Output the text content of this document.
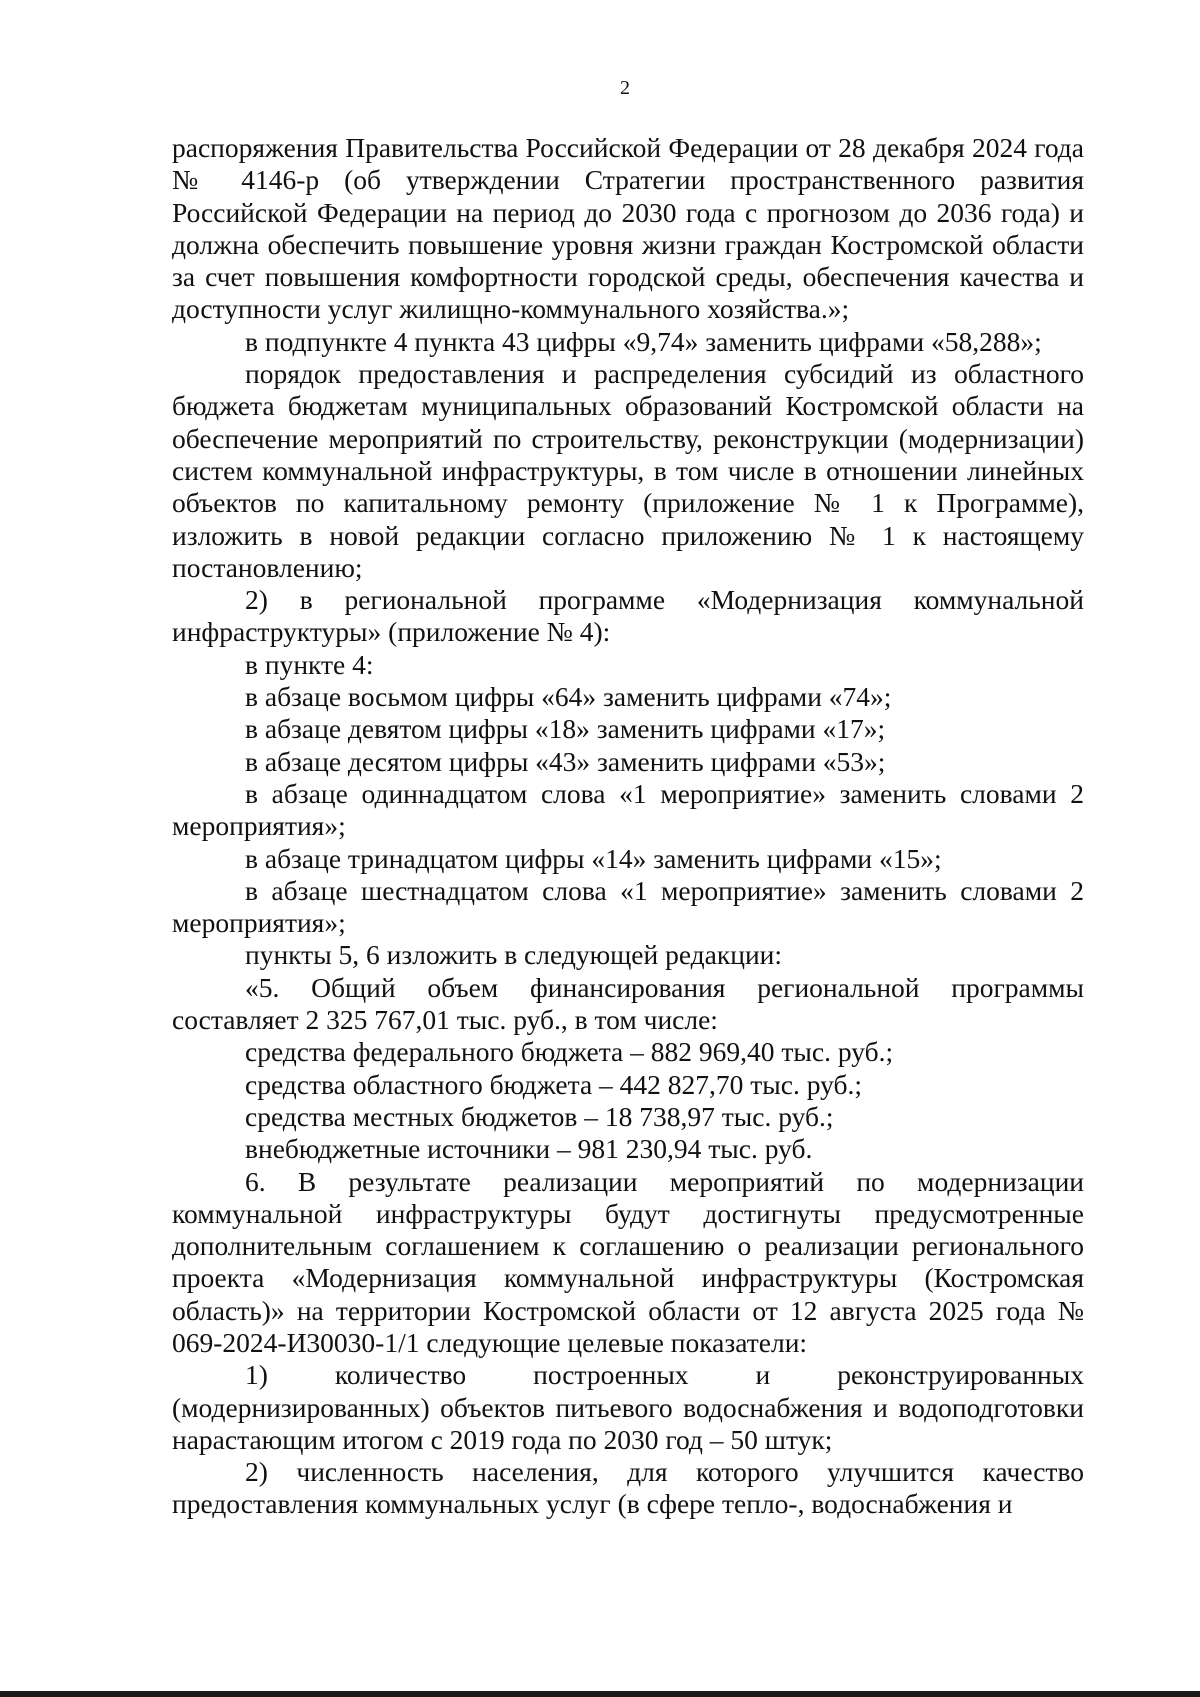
2

распоряжения Правительства Российской Федерации от 28 декабря 2024 года № 4146-р (об утверждении Стратегии пространственного развития Российской Федерации на период до 2030 года с прогнозом до 2036 года) и должна обеспечить повышение уровня жизни граждан Костромской области за счет повышения комфортности городской среды, обеспечения качества и доступности услуг жилищно-коммунального хозяйства.»;

в подпункте 4 пункта 43 цифры «9,74» заменить цифрами «58,288»;

порядок предоставления и распределения субсидий из областного бюджета бюджетам муниципальных образований Костромской области на обеспечение мероприятий по строительству, реконструкции (модернизации) систем коммунальной инфраструктуры, в том числе в отношении линейных объектов по капитальному ремонту (приложение № 1 к Программе), изложить в новой редакции согласно приложению № 1 к настоящему постановлению;

2) в региональной программе «Модернизация коммунальной инфраструктуры» (приложение № 4):

в пункте 4:

в абзаце восьмом цифры «64» заменить цифрами «74»;

в абзаце девятом цифры «18» заменить цифрами «17»;

в абзаце десятом цифры «43» заменить цифрами «53»;

в абзаце одиннадцатом слова «1 мероприятие» заменить словами 2 мероприятия»;

в абзаце тринадцатом цифры «14» заменить цифрами «15»;

в абзаце шестнадцатом слова «1 мероприятие» заменить словами 2 мероприятия»;

пункты 5, 6 изложить в следующей редакции:

«5. Общий объем финансирования региональной программы составляет 2 325 767,01 тыс. руб., в том числе:

средства федерального бюджета – 882 969,40 тыс. руб.;

средства областного бюджета – 442 827,70 тыс. руб.;

средства местных бюджетов – 18 738,97 тыс. руб.;

внебюджетные источники – 981 230,94 тыс. руб.

6. В результате реализации мероприятий по модернизации коммунальной инфраструктуры будут достигнуты предусмотренные дополнительным соглашением к соглашению о реализации регионального проекта «Модернизация коммунальной инфраструктуры (Костромская область)» на территории Костромской области от 12 августа 2025 года № 069-2024-И30030-1/1 следующие целевые показатели:

1) количество построенных и реконструированных (модернизированных) объектов питьевого водоснабжения и водоподготовки нарастающим итогом с 2019 года по 2030 год – 50 штук;

2) численность населения, для которого улучшится качество предоставления коммунальных услуг (в сфере тепло-, водоснабжения и
